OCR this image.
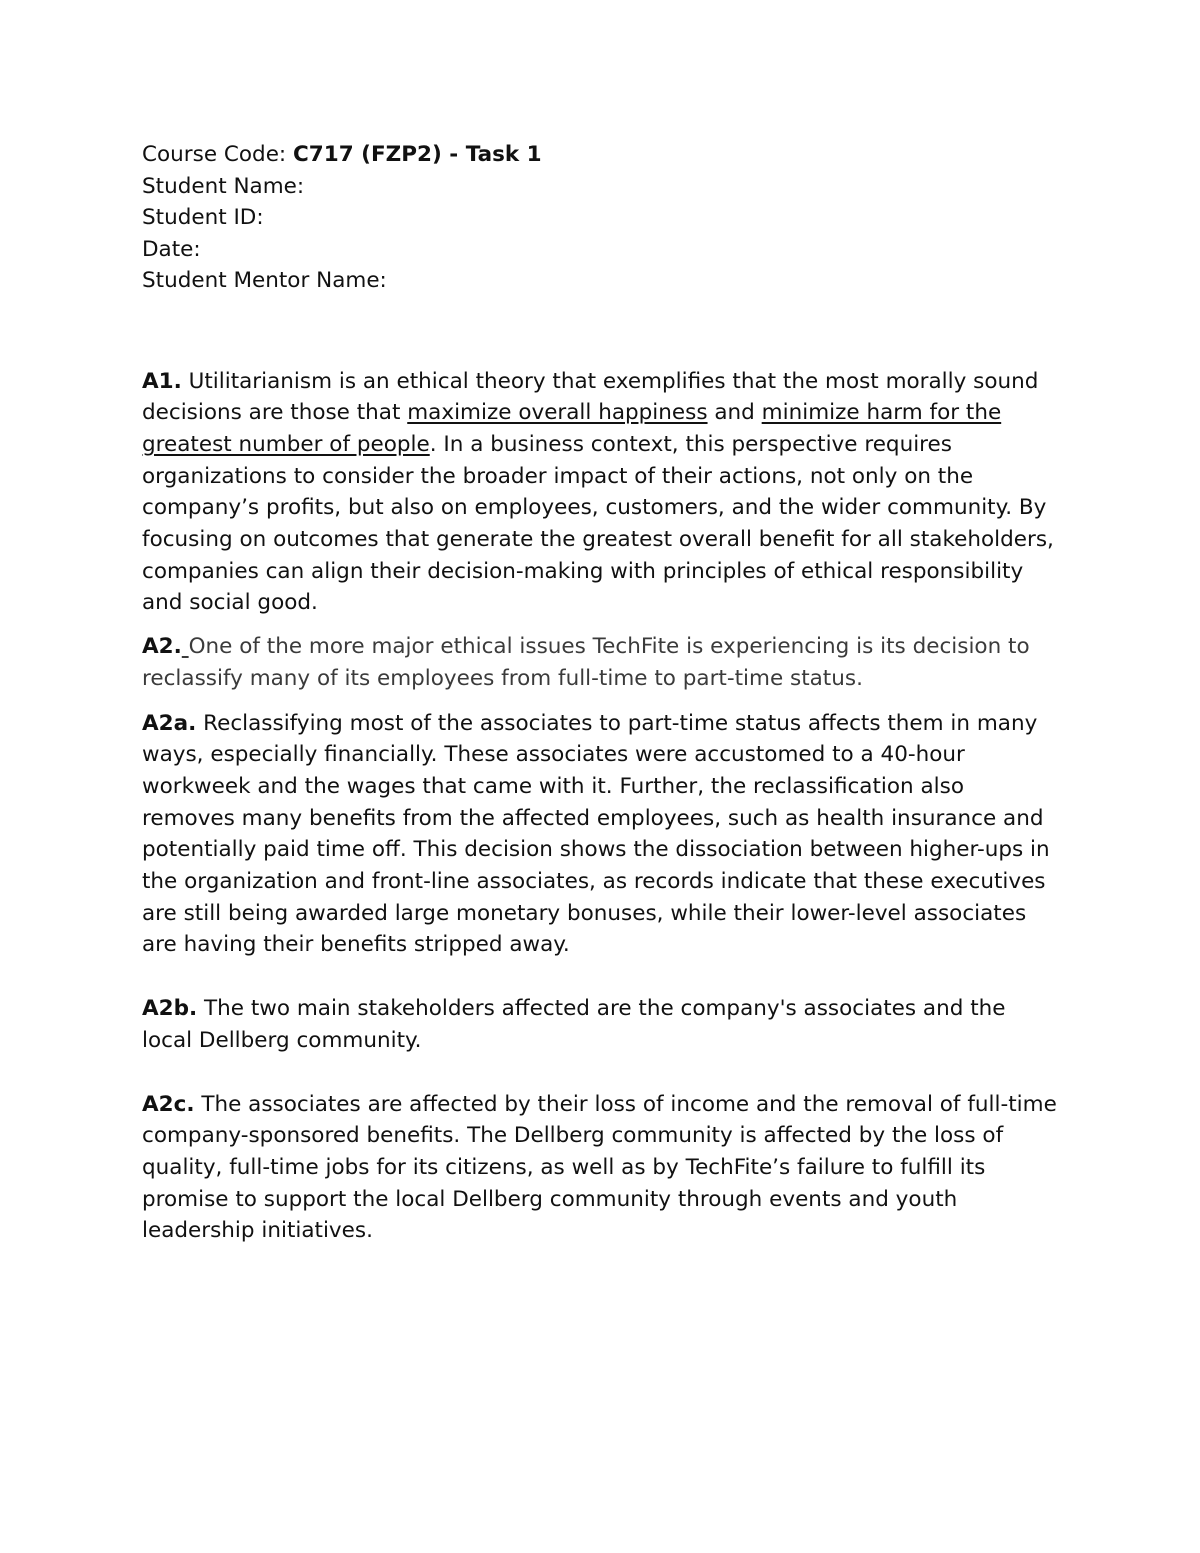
Course Code: C717 (FZP2) - Task 1
Student Name:
Student ID:
Date:
Student Mentor Name:

A1. Utilitarianism is an ethical theory that exemplifies that the most morally sound decisions are those that maximize overall happiness and minimize harm for the greatest number of people. In a business context, this perspective requires organizations to consider the broader impact of their actions, not only on the company’s profits, but also on employees, customers, and the wider community. By focusing on outcomes that generate the greatest overall benefit for all stakeholders, companies can align their decision-making with principles of ethical responsibility and social good.

A2. One of the more major ethical issues TechFite is experiencing is its decision to reclassify many of its employees from full-time to part-time status.

A2a. Reclassifying most of the associates to part-time status affects them in many ways, especially financially. These associates were accustomed to a 40-hour workweek and the wages that came with it. Further, the reclassification also removes many benefits from the affected employees, such as health insurance and potentially paid time off. This decision shows the dissociation between higher-ups in the organization and front-line associates, as records indicate that these executives are still being awarded large monetary bonuses, while their lower-level associates are having their benefits stripped away.

A2b. The two main stakeholders affected are the company's associates and the local Dellberg community.

A2c. The associates are affected by their loss of income and the removal of full-time company-sponsored benefits. The Dellberg community is affected by the loss of quality, full-time jobs for its citizens, as well as by TechFite’s failure to fulfill its promise to support the local Dellberg community through events and youth leadership initiatives.
